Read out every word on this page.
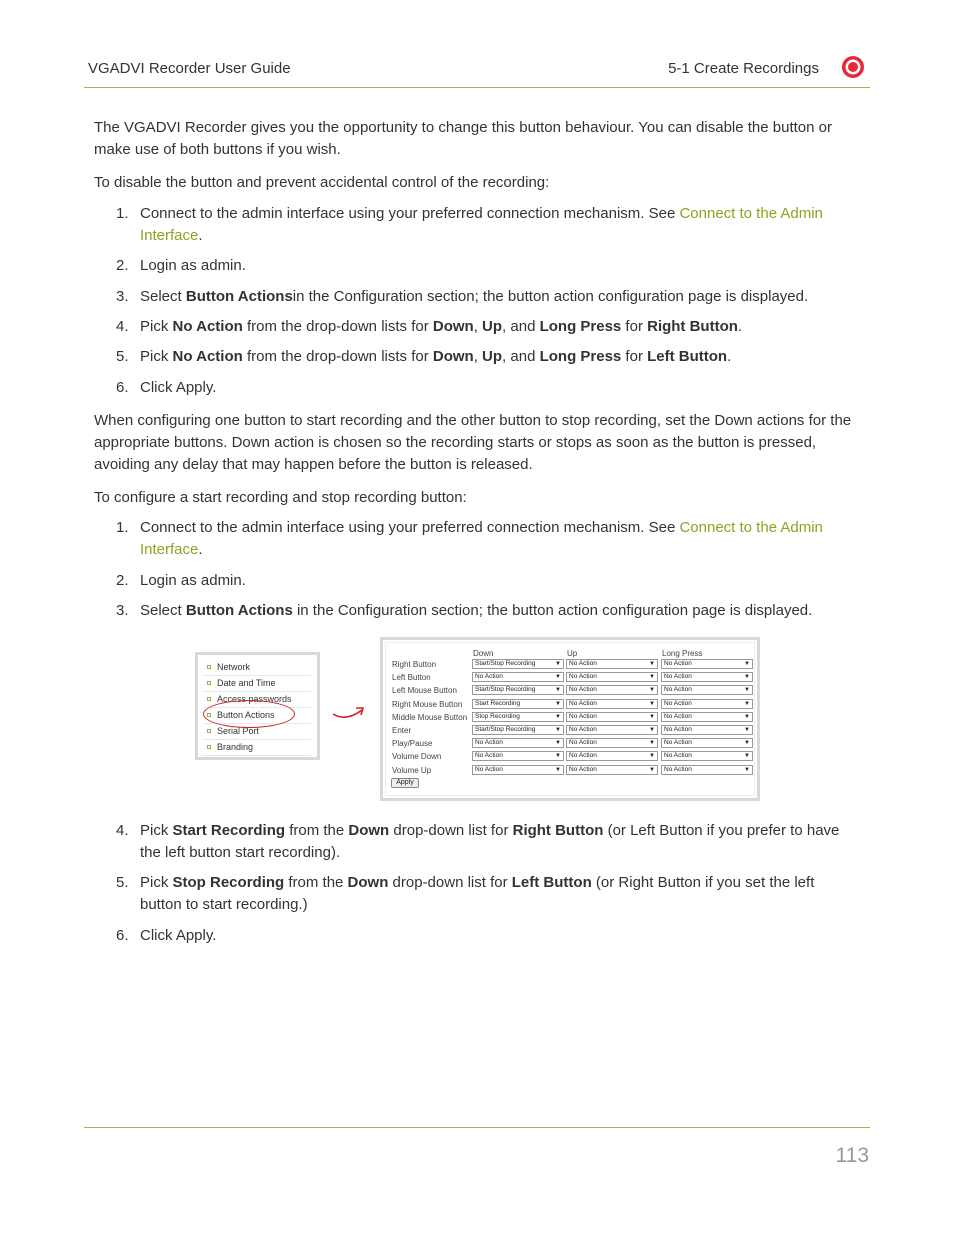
VGADVI Recorder User Guide	5-1 Create Recordings

The VGADVI Recorder gives you the opportunity to change this button behaviour. You can disable the button or make use of both buttons if you wish.

To disable the button and prevent accidental control of the recording:

1. Connect to the admin interface using your preferred connection mechanism. See Connect to the Admin Interface.
2. Login as admin.
3. Select Button Actionsin the Configuration section; the button action configuration page is displayed.
4. Pick No Action from the drop-down lists for Down, Up, and Long Press for Right Button.
5. Pick No Action from the drop-down lists for Down, Up, and Long Press for Left Button.
6. Click Apply.

When configuring one button to start recording and the other button to stop recording, set the Down actions for the appropriate buttons. Down action is chosen so the recording starts or stops as soon as the button is pressed, avoiding any delay that may happen before the button is released.

To configure a start recording and stop recording button:

1. Connect to the admin interface using your preferred connection mechanism. See Connect to the Admin Interface.
2. Login as admin.
3. Select Button Actions in the Configuration section; the button action configuration page is displayed.
Network
Date and Time
Access passwords
Button Actions
Serial Port
Branding
Down	Up	Long Press
Apply
Right Button	Start/Stop Recording	▼	No Action	▼	No Action	▼
Left Button	No Action	▼	No Action	▼	No Action	▼
Left Mouse Button	Start/Stop Recording	▼	No Action	▼	No Action	▼
Right Mouse Button	Start Recording	▼	No Action	▼	No Action	▼
Middle Mouse Button	Stop Recording	▼	No Action	▼	No Action	▼
Enter	Start/Stop Recording	▼	No Action	▼	No Action	▼
Play/Pause	No Action	▼	No Action	▼	No Action	▼
Volume Down	No Action	▼	No Action	▼	No Action	▼
Volume Up	No Action	▼	No Action	▼	No Action	▼
4. Pick Start Recording from the Down drop-down list for Right Button (or Left Button if you prefer to have the left button start recording).
5. Pick Stop Recording from the Down drop-down list for Left Button (or Right Button if you set the left button to start recording.)
6. Click Apply.
113
